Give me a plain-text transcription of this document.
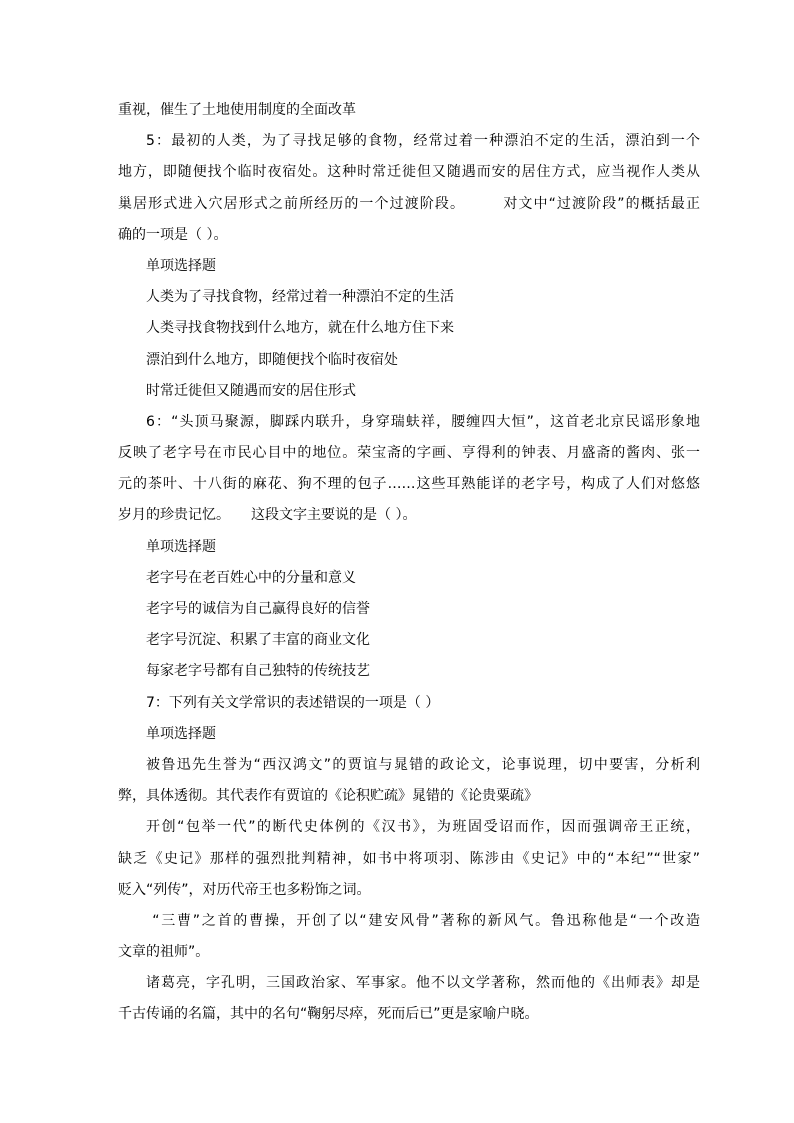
重视，催生了土地使用制度的全面改革
5：最初的人类，为了寻找足够的食物，经常过着一种漂泊不定的生活，漂泊到一个
地方，即随便找个临时夜宿处。这种时常迁徙但又随遇而安的居住方式，应当视作人类从
巢居形式进入穴居形式之前所经历的一个过渡阶段。　　　对文中“过渡阶段”的概括最正
确的一项是（ ）。
单项选择题
人类为了寻找食物，经常过着一种漂泊不定的生活
人类寻找食物找到什么地方，就在什么地方住下来
漂泊到什么地方，即随便找个临时夜宿处
时常迁徙但又随遇而安的居住形式
6：“头顶马聚源，脚踩内联升，身穿瑞蚨祥，腰缠四大恒”，这首老北京民谣形象地
反映了老字号在市民心目中的地位。荣宝斋的字画、亨得利的钟表、月盛斋的酱肉、张一
元的茶叶、十八街的麻花、狗不理的包子……这些耳熟能详的老字号，构成了人们对悠悠
岁月的珍贵记忆。　　这段文字主要说的是（ ）。
单项选择题
老字号在老百姓心中的分量和意义
老字号的诚信为自己赢得良好的信誉
老字号沉淀、积累了丰富的商业文化
每家老字号都有自己独特的传统技艺
7：下列有关文学常识的表述错误的一项是（ ）
单项选择题
被鲁迅先生誉为“西汉鸿文”的贾谊与晁错的政论文，论事说理，切中要害，分析利
弊，具体透彻。其代表作有贾谊的《论积贮疏》晁错的《论贵粟疏》
开创“包举一代”的断代史体例的《汉书》，为班固受诏而作，因而强调帝王正统，
缺乏《史记》那样的强烈批判精神，如书中将项羽、陈涉由《史记》中的“本纪”“世家”
贬入“列传”，对历代帝王也多粉饰之词。
“三曹”之首的曹操，开创了以“建安风骨”著称的新风气。鲁迅称他是“一个改造
文章的祖师”。
诸葛亮，字孔明，三国政治家、军事家。他不以文学著称，然而他的《出师表》却是
千古传诵的名篇，其中的名句“鞠躬尽瘁，死而后已”更是家喻户晓。
